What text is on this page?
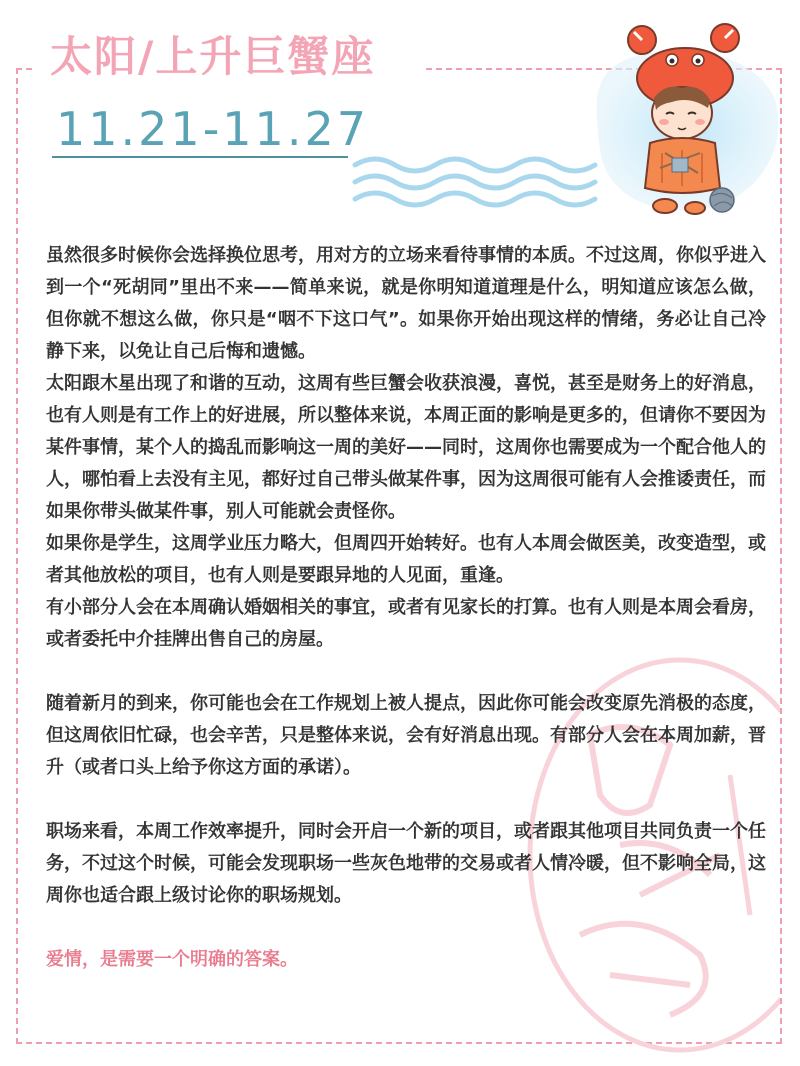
太阳/上升巨蟹座
11.21-11.27

虽然很多时候你会选择换位思考，用对方的立场来看待事情的本质。不过这周，你似乎进入到一个“死胡同”里出不来——简单来说，就是你明知道道理是什么，明知道应该怎么做，但你就不想这么做，你只是“咽不下这口气”。如果你开始出现这样的情绪，务必让自己冷静下来，以免让自己后悔和遗憾。

太阳跟木星出现了和谐的互动，这周有些巨蟹会收获浪漫，喜悦，甚至是财务上的好消息，也有人则是有工作上的好进展，所以整体来说，本周正面的影响是更多的，但请你不要因为某件事情，某个人的捣乱而影响这一周的美好——同时，这周你也需要成为一个配合他人的人，哪怕看上去没有主见，都好过自己带头做某件事，因为这周很可能有人会推诿责任，而如果你带头做某件事，别人可能就会责怪你。

如果你是学生，这周学业压力略大，但周四开始转好。也有人本周会做医美，改变造型，或者其他放松的项目，也有人则是要跟异地的人见面，重逢。

有小部分人会在本周确认婚姻相关的事宜，或者有见家长的打算。也有人则是本周会看房，或者委托中介挂牌出售自己的房屋。

随着新月的到来，你可能也会在工作规划上被人提点，因此你可能会改变原先消极的态度，但这周依旧忙碌，也会辛苦，只是整体来说，会有好消息出现。有部分人会在本周加薪，晋升（或者口头上给予你这方面的承诺）。

职场来看，本周工作效率提升，同时会开启一个新的项目，或者跟其他项目共同负责一个任务，不过这个时候，可能会发现职场一些灰色地带的交易或者人情冷暖，但不影响全局，这周你也适合跟上级讨论你的职场规划。

爱情，是需要一个明确的答案。
